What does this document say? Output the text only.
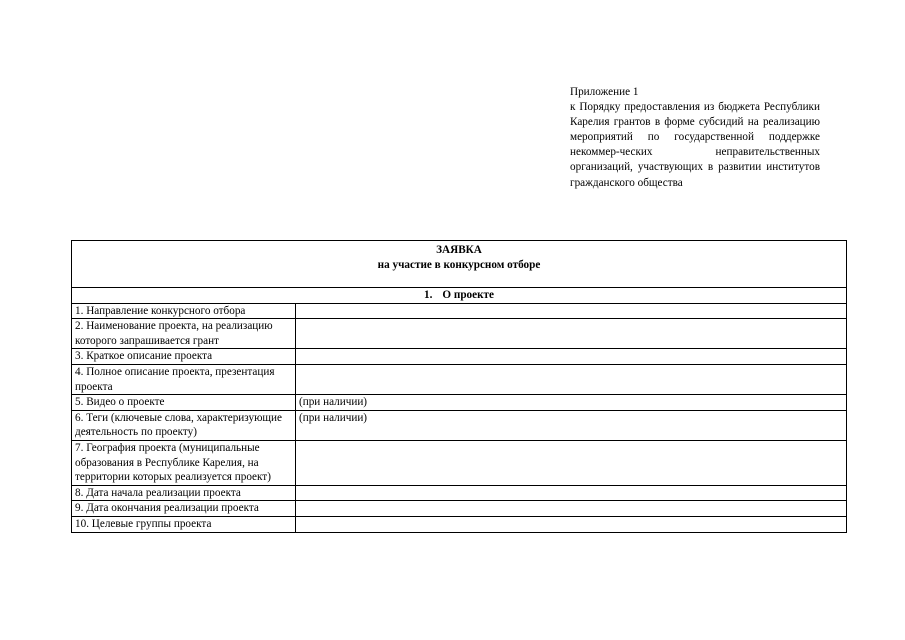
Приложение 1
к Порядку предоставления из бюджета Республики Карелия грантов в форме субсидий на реализацию мероприятий по государственной поддержке некоммер-ческих неправительственных организаций, участвующих в развитии институтов гражданского общества
ЗАЯВКА
на участие в конкурсном отборе	

1. О проекте	
1. Направление конкурсного отбора	
2. Наименование проекта, на реализацию которого запрашивается грант	
3. Краткое описание проекта	
4. Полное описание проекта, презентация проекта	
5. Видео о проекте	(при наличии)
6. Теги (ключевые слова, характеризующие деятельность по проекту)	(при наличии)
7. География проекта (муниципальные образования в Республике Карелия, на территории которых реализуется проект)	
8. Дата начала реализации проекта	
9. Дата окончания реализации проекта	
10. Целевые группы проекта	
